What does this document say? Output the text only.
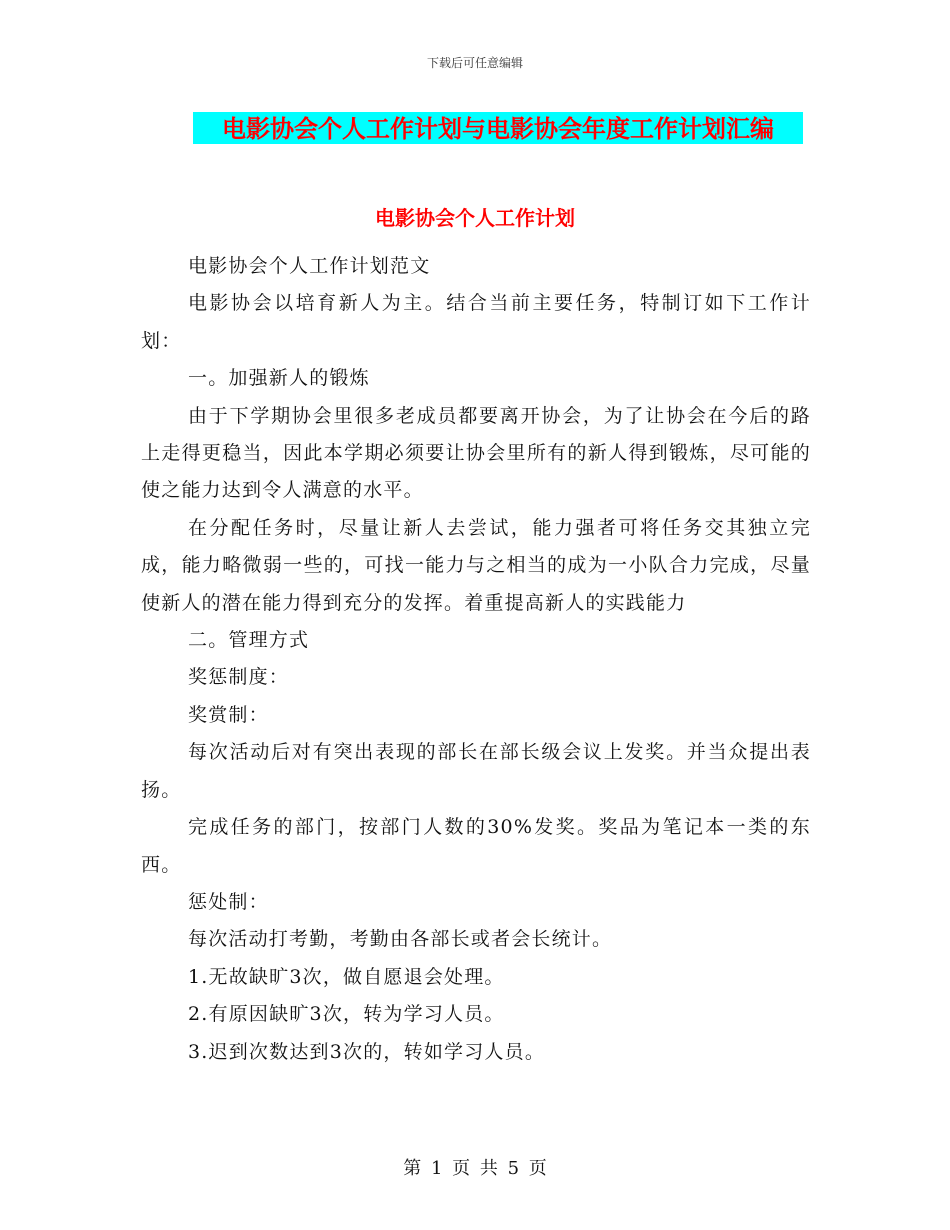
下载后可任意编辑
电影协会个人工作计划与电影协会年度工作计划汇编
电影协会个人工作计划

电影协会个人工作计划范文

电影协会以培育新人为主。结合当前主要任务，特制订如下工作计划：

一。加强新人的锻炼

由于下学期协会里很多老成员都要离开协会，为了让协会在今后的路上走得更稳当，因此本学期必须要让协会里所有的新人得到锻炼，尽可能的使之能力达到令人满意的水平。

在分配任务时，尽量让新人去尝试，能力强者可将任务交其独立完成，能力略微弱一些的，可找一能力与之相当的成为一小队合力完成，尽量使新人的潜在能力得到充分的发挥。着重提高新人的实践能力

二。管理方式

奖惩制度：

奖赏制：

每次活动后对有突出表现的部长在部长级会议上发奖。并当众提出表扬。

完成任务的部门，按部门人数的30%发奖。奖品为笔记本一类的东西。

惩处制：

每次活动打考勤，考勤由各部长或者会长统计。

1.无故缺旷3次，做自愿退会处理。

2.有原因缺旷3次，转为学习人员。

3.迟到次数达到3次的，转如学习人员。

第 1 页 共 5 页
